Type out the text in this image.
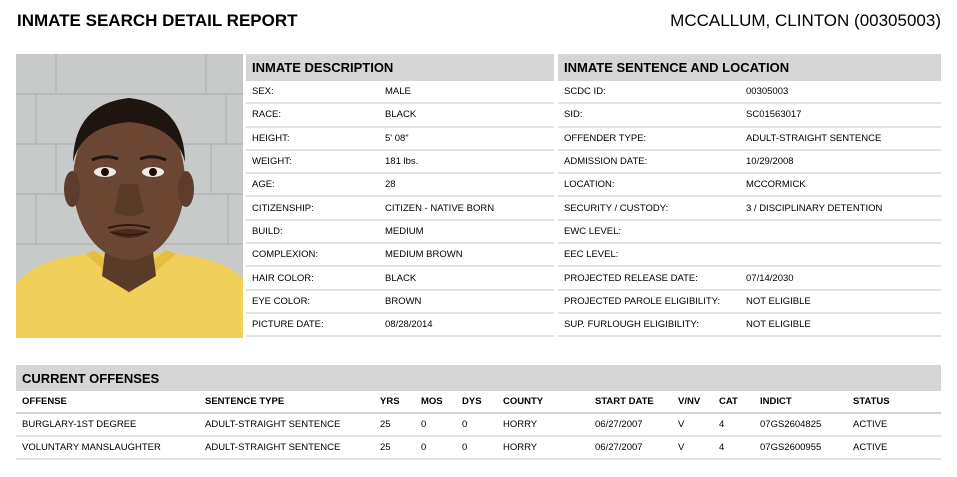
INMATE SEARCH DETAIL REPORT	MCCALLUM, CLINTON (00305003)
INMATE DESCRIPTION
SEX:	MALE
RACE:	BLACK
HEIGHT:	5' 08"
WEIGHT:	181 lbs.
AGE:	28
CITIZENSHIP:	CITIZEN - NATIVE BORN
BUILD:	MEDIUM
COMPLEXION:	MEDIUM BROWN
HAIR COLOR:	BLACK
EYE COLOR:	BROWN
PICTURE DATE:	08/28/2014
INMATE SENTENCE AND LOCATION
SCDC ID:	00305003
SID:	SC01563017
OFFENDER TYPE:	ADULT-STRAIGHT SENTENCE
ADMISSION DATE:	10/29/2008
LOCATION:	MCCORMICK
SECURITY / CUSTODY:	3 / DISCIPLINARY DETENTION
EWC LEVEL:
EEC LEVEL:
PROJECTED RELEASE DATE:	07/14/2030
PROJECTED PAROLE ELIGIBILITY:	NOT ELIGIBLE
SUP. FURLOUGH ELIGIBILITY:	NOT ELIGIBLE
CURRENT OFFENSES
OFFENSE	SENTENCE TYPE	YRS	MOS	DYS	COUNTY	START DATE	V/NV	CAT	INDICT	STATUS
BURGLARY-1ST DEGREE	ADULT-STRAIGHT SENTENCE	25	0	0	HORRY	06/27/2007	V	4	07GS2604825	ACTIVE
VOLUNTARY MANSLAUGHTER	ADULT-STRAIGHT SENTENCE	25	0	0	HORRY	06/27/2007	V	4	07GS2600955	ACTIVE
